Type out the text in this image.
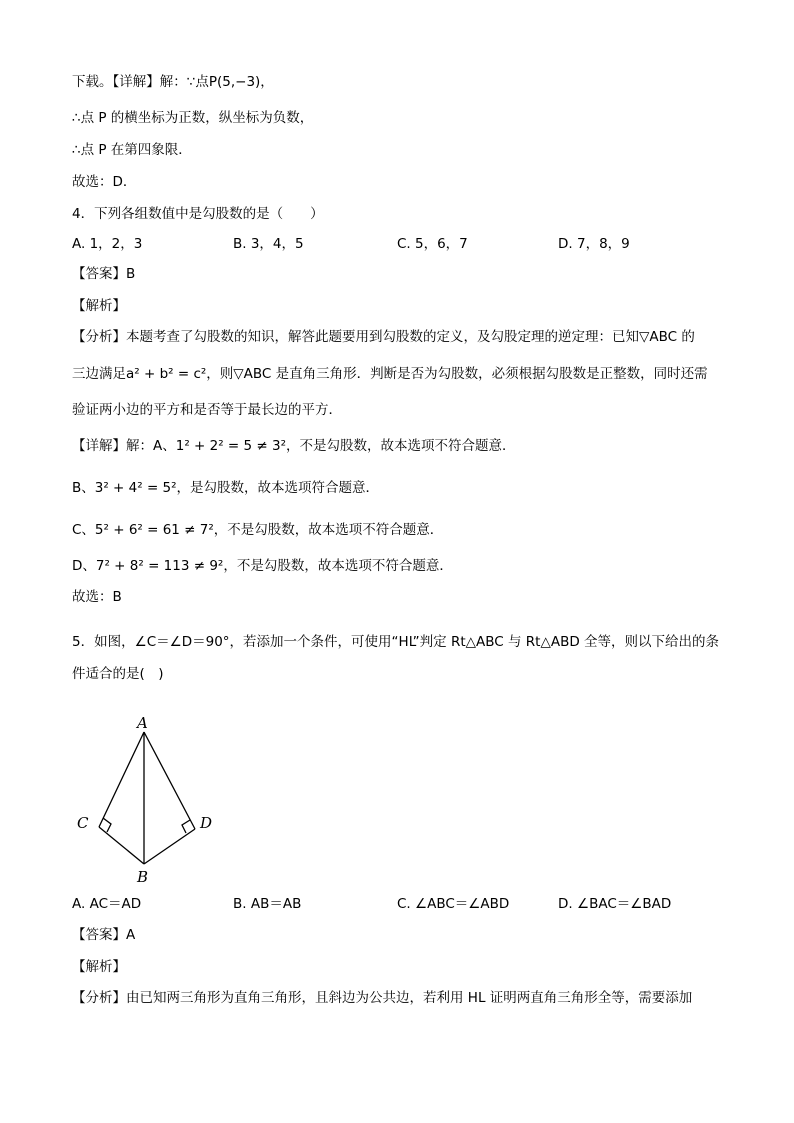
下载。【详解】解：∵点P(5,−3)，
∴点 P 的横坐标为正数，纵坐标为负数，
∴点 P 在第四象限．
故选：D．
4．下列各组数值中是勾股数的是（　　）
A. 1，2，3	B. 3，4，5	C. 5，6，7	D. 7，8，9
【答案】B
【解析】
【分析】本题考查了勾股数的知识，解答此题要用到勾股数的定义，及勾股定理的逆定理：已知▽ABC 的
三边满足a² + b² = c²，则▽ABC 是直角三角形．判断是否为勾股数，必须根据勾股数是正整数，同时还需
验证两小边的平方和是否等于最长边的平方．
【详解】解：A、1² + 2² = 5 ≠ 3²，不是勾股数，故本选项不符合题意．
B、3² + 4² = 5²，是勾股数，故本选项符合题意．
C、5² + 6² = 61 ≠ 7²，不是勾股数，故本选项不符合题意．
D、7² + 8² = 113 ≠ 9²，不是勾股数，故本选项不符合题意．
故选：B
5．如图，∠C＝∠D＝90°，若添加一个条件，可使用“HL”判定 Rt△ABC 与 Rt△ABD 全等，则以下给出的条
件适合的是(　)
A
B
C	D
A. AC＝AD	B. AB＝AB	C. ∠ABC＝∠ABD	D. ∠BAC＝∠BAD
【答案】A
【解析】
【分析】由已知两三角形为直角三角形，且斜边为公共边，若利用 HL 证明两直角三角形全等，需要添加
